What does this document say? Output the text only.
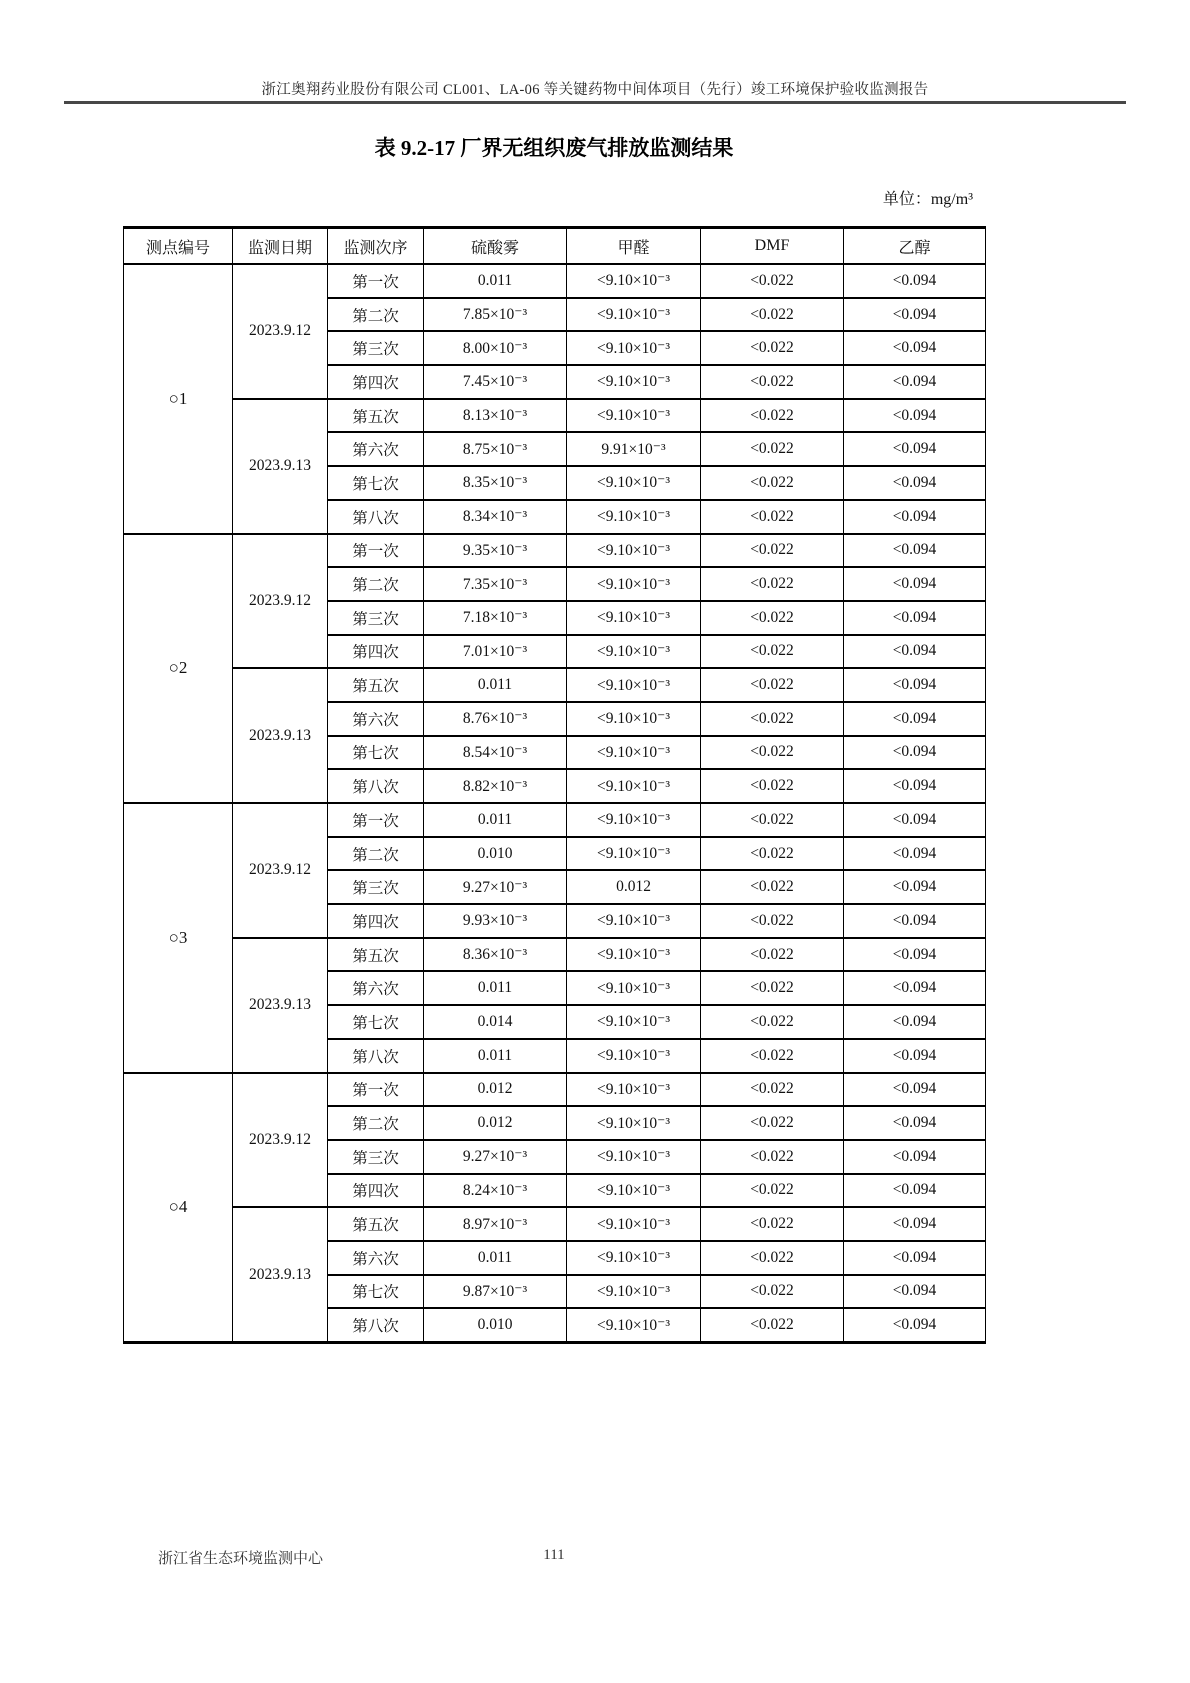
浙江奥翔药业股份有限公司 CL001、LA-06 等关键药物中间体项目（先行）竣工环境保护验收监测报告
表 9.2-17 厂界无组织废气排放监测结果
单位：mg/m³
测点编号	监测日期	监测次序	硫酸雾	甲醛	DMF	乙醇
○1	2023.9.12	第一次	0.011	<9.10×10⁻³	<0.022	<0.094
		第二次	7.85×10⁻³	<9.10×10⁻³	<0.022	<0.094
		第三次	8.00×10⁻³	<9.10×10⁻³	<0.022	<0.094
		第四次	7.45×10⁻³	<9.10×10⁻³	<0.022	<0.094
	2023.9.13	第五次	8.13×10⁻³	<9.10×10⁻³	<0.022	<0.094
		第六次	8.75×10⁻³	9.91×10⁻³	<0.022	<0.094
		第七次	8.35×10⁻³	<9.10×10⁻³	<0.022	<0.094
		第八次	8.34×10⁻³	<9.10×10⁻³	<0.022	<0.094
○2	2023.9.12	第一次	9.35×10⁻³	<9.10×10⁻³	<0.022	<0.094
		第二次	7.35×10⁻³	<9.10×10⁻³	<0.022	<0.094
		第三次	7.18×10⁻³	<9.10×10⁻³	<0.022	<0.094
		第四次	7.01×10⁻³	<9.10×10⁻³	<0.022	<0.094
	2023.9.13	第五次	0.011	<9.10×10⁻³	<0.022	<0.094
		第六次	8.76×10⁻³	<9.10×10⁻³	<0.022	<0.094
		第七次	8.54×10⁻³	<9.10×10⁻³	<0.022	<0.094
		第八次	8.82×10⁻³	<9.10×10⁻³	<0.022	<0.094
○3	2023.9.12	第一次	0.011	<9.10×10⁻³	<0.022	<0.094
		第二次	0.010	<9.10×10⁻³	<0.022	<0.094
		第三次	9.27×10⁻³	0.012	<0.022	<0.094
		第四次	9.93×10⁻³	<9.10×10⁻³	<0.022	<0.094
	2023.9.13	第五次	8.36×10⁻³	<9.10×10⁻³	<0.022	<0.094
		第六次	0.011	<9.10×10⁻³	<0.022	<0.094
		第七次	0.014	<9.10×10⁻³	<0.022	<0.094
		第八次	0.011	<9.10×10⁻³	<0.022	<0.094
○4	2023.9.12	第一次	0.012	<9.10×10⁻³	<0.022	<0.094
		第二次	0.012	<9.10×10⁻³	<0.022	<0.094
		第三次	9.27×10⁻³	<9.10×10⁻³	<0.022	<0.094
		第四次	8.24×10⁻³	<9.10×10⁻³	<0.022	<0.094
	2023.9.13	第五次	8.97×10⁻³	<9.10×10⁻³	<0.022	<0.094
		第六次	0.011	<9.10×10⁻³	<0.022	<0.094
		第七次	9.87×10⁻³	<9.10×10⁻³	<0.022	<0.094
		第八次	0.010	<9.10×10⁻³	<0.022	<0.094
浙江省生态环境监测中心	111
